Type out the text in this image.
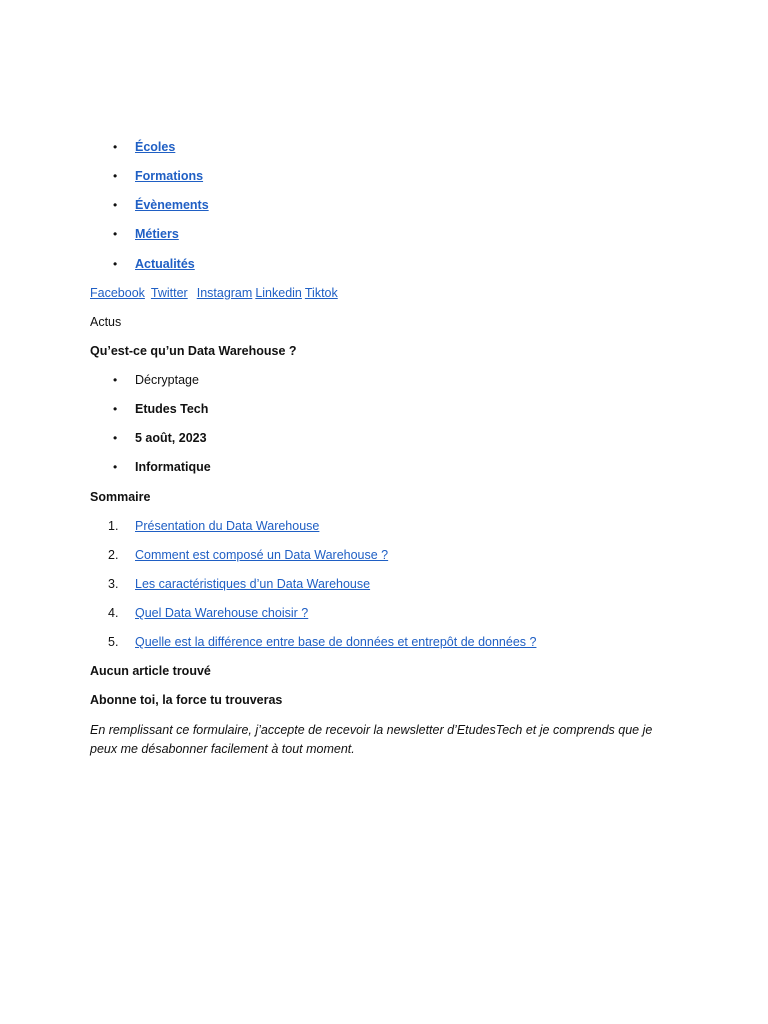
•	Écoles
•	Formations
•	Évènements
•	Métiers
•	Actualités
Facebook Twitter Instagram Linkedin Tiktok
Actus
Qu’est-ce qu’un Data Warehouse ?
•	Décryptage
•	Etudes Tech
•	5 août, 2023
•	Informatique
Sommaire
1.	Présentation du Data Warehouse
2.	Comment est composé un Data Warehouse ?
3.	Les caractéristiques d’un Data Warehouse
4.	Quel Data Warehouse choisir ?
5.	Quelle est la différence entre base de données et entrepôt de données ?
Aucun article trouvé
Abonne toi, la force tu trouveras
En remplissant ce formulaire, j’accepte de recevoir la newsletter d’EtudesTech et je comprends que je peux me désabonner facilement à tout moment.
